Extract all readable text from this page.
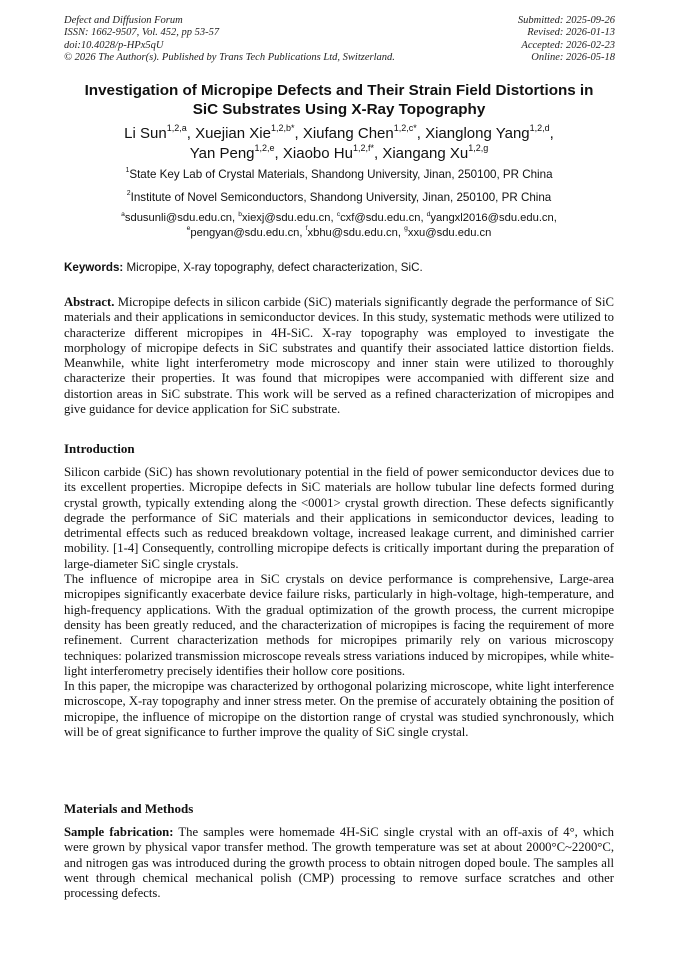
Defect and Diffusion Forum
ISSN: 1662-9507, Vol. 452, pp 53-57
doi:10.4028/p-HPx5qU
© 2026 The Author(s). Published by Trans Tech Publications Ltd, Switzerland.
Submitted: 2025-09-26
Revised: 2026-01-13
Accepted: 2026-02-23
Online: 2026-05-18
Investigation of Micropipe Defects and Their Strain Field Distortions in
SiC Substrates Using X-Ray Topography
Li Sun$^{1,2,a}$, Xuejian Xie$^{1,2,b*}$, Xiufang Chen$^{1,2,c*}$, Xianglong Yang$^{1,2,d}$,
Yan Peng$^{1,2,e}$, Xiaobo $Hu^{1,2,f*}$, Xiangang Xu$^{1,2,g}$
$^1$State Key Lab of Crystal Materials, Shandong University, Jinan, 250100, PR China
$^2$Institute of Novel Semiconductors, Shandong University, Jinan, 250100, PR China
$^a$sdusunli@sdu.edu.cn, $^b$xiexj@sdu.edu.cn, $^c$cxf@sdu.edu.cn, $^d$yangxl2016@sdu.edu.cn,
$^e$pengyan@sdu.edu.cn, $^f$xbhu@sdu.edu.cn, $^g$xxu@sdu.edu.cn
Keywords: Micropipe, X-ray topography, defect characterization, SiC.
Abstract. Micropipe defects in silicon carbide (SiC) materials significantly degrade the performance of SiC materials and their applications in semiconductor devices. In this study, systematic methods were utilized to characterize different micropipes in 4H-SiC. X-ray topography was employed to investigate the morphology of micropipe defects in SiC substrates and quantify their associated lattice distortion fields. Meanwhile, white light interferometry mode microscopy and inner stain were utilized to thoroughly characterize their properties. It was found that micropipes were accompanied with different size and distortion areas in SiC substrate. This work will be served as a refined characterization of micropipes and give guidance for device application for SiC substrate.
Introduction

Silicon carbide (SiC) has shown revolutionary potential in the field of power semiconductor devices due to its excellent properties. Micropipe defects in SiC materials are hollow tubular line defects formed during crystal growth, typically extending along the <0001> crystal growth direction. These defects significantly degrade the performance of SiC materials and their applications in semiconductor devices, leading to detrimental effects such as reduced breakdown voltage, increased leakage current, and diminished carrier mobility. [1-4] Consequently, controlling micropipe defects is critically important during the preparation of large-diameter SiC single crystals.

The influence of micropipe area in SiC crystals on device performance is comprehensive, Large-area micropipes significantly exacerbate device failure risks, particularly in high-voltage, high-temperature, and high-frequency applications. With the gradual optimization of the growth process, the current micropipe density has been greatly reduced, and the characterization of micropipes is facing the requirement of more refinement. Current characterization methods for micropipes primarily rely on various microscopy techniques: polarized transmission microscope reveals stress variations induced by micropipes, while white-light interferometry precisely identifies their hollow core positions.

In this paper, the micropipe was characterized by orthogonal polarizing microscope, white light interference microscope, X-ray topography and inner stress meter. On the premise of accurately obtaining the position of micropipe, the influence of micropipe on the distortion range of crystal was studied synchronously, which will be of great significance to further improve the quality of SiC single crystal.

Materials and Methods
Sample fabrication: The samples were homemade 4H-SiC single crystal with an off-axis of 4°, which were grown by physical vapor transfer method. The growth temperature was set at about 2000°C~2200°C, and nitrogen gas was introduced during the growth process to obtain nitrogen doped boule. The samples all went through chemical mechanical polish (CMP) processing to remove surface scratches and other processing defects.
